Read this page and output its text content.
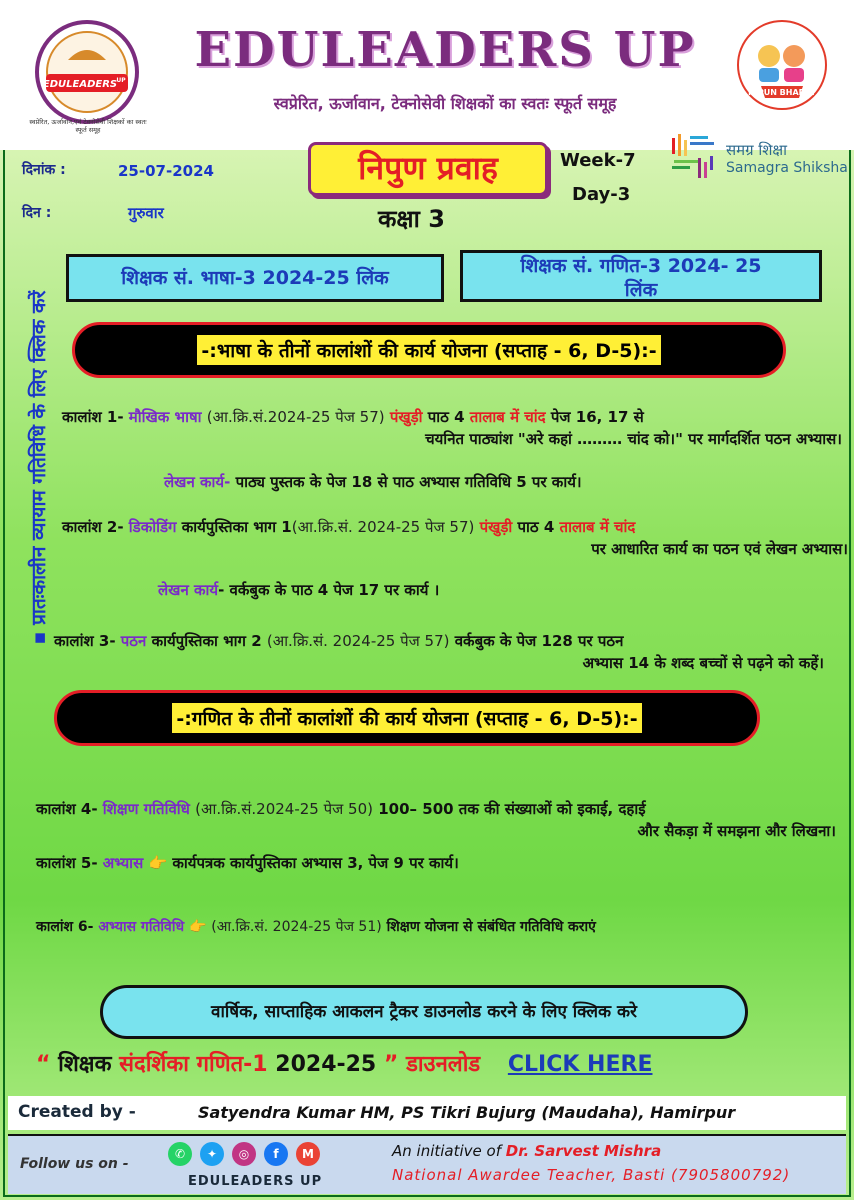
EDULEADERS UP
स्वप्रेरित, ऊर्जावान,एवं टेक्नोसेवी शिक्षकों का स्वतः स्फूर्त समूह
EDULEADERS UP
स्वप्रेरित, ऊर्जावान, टेक्नोसेवी शिक्षकों का स्वतः स्फूर्त समूह
NIPUN BHARAT
दिनांक :	25-07-2024
दिन :	गुरुवार
निपुण प्रवाह	Week-7
Day-3
कक्षा 3
समग्र शिक्षा
Samagra Shiksha
शिक्षक सं. भाषा-3 2024-25 लिंक
शिक्षक सं. गणित-3 2024- 25
लिंक
▪ प्रातःकालीन व्यायाम गतिविधि के लिए क्लिक करें	-:भाषा के तीनों कालांशों की कार्य योजना (सप्ताह - 6, D-5):-
कालांश 1- मौखिक भाषा (आ.क्रि.सं.2024-25 पेज 57) पंखुड़ी पाठ 4 तालाब में चांद पेज 16, 17 से
चयनित पाठ्यांश "अरे कहां ……… चांद को।" पर मार्गदर्शित पठन अभ्यास।
लेखन कार्य- पाठ्य पुस्तक के पेज 18 से पाठ अभ्यास गतिविधि 5 पर कार्य।
कालांश 2- डिकोडिंग कार्यपुस्तिका भाग 1(आ.क्रि.सं. 2024-25 पेज 57) पंखुड़ी पाठ 4 तालाब में चांद
पर आधारित कार्य का पठन एवं लेखन अभ्यास।
लेखन कार्य- वर्कबुक के पाठ 4 पेज 17 पर कार्य ।
कालांश 3- पठन कार्यपुस्तिका भाग 2 (आ.क्रि.सं. 2024-25 पेज 57) वर्कबुक के पेज 128 पर पठन
अभ्यास 14 के शब्द बच्चों से पढ़ने को कहें।
-:गणित के तीनों कालांशों की कार्य योजना (सप्ताह - 6, D-5):-
कालांश 4- शिक्षण गतिविधि (आ.क्रि.सं.2024-25 पेज 50) 100– 500 तक की संख्याओं को इकाई, दहाई
और सैकड़ा में समझना और लिखना।
कालांश 5- अभ्यास 👉 कार्यपत्रक कार्यपुस्तिका अभ्यास 3, पेज 9 पर कार्य।
कालांश 6- अभ्यास गतिविधि 👉 (आ.क्रि.सं. 2024-25 पेज 51) शिक्षण योजना से संबंधित गतिविधि कराएं
वार्षिक, साप्ताहिक आकलन ट्रैकर डाउनलोड करने के लिए क्लिक करे
“ शिक्षक संदर्शिका गणित-1 2024-25 ” डाउनलोड CLICK HERE
Created by -	Satyendra Kumar HM, PS Tikri Bujurg (Maudaha), Hamirpur
Follow us on -
✆	✦	◎	f	M
EDULEADERS UP
An initiative of Dr. Sarvest Mishra
National Awardee Teacher, Basti (7905800792)
